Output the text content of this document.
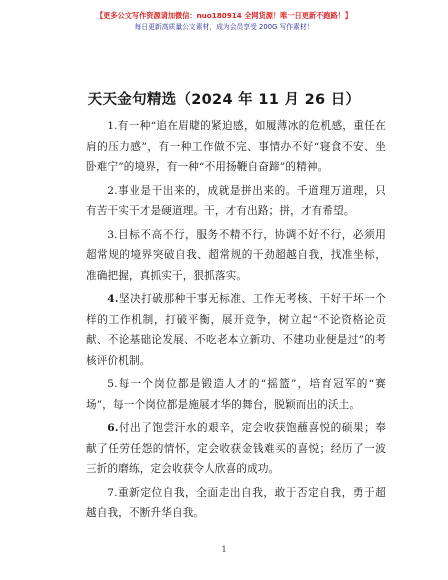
【更多公文写作资源请加微信：nuo180914 全网货源！唯一日更新不跑路！】
每日更新高质量公文素材，成为会员享受 200G 写作素材！
天天金句精选（2024 年 11 月 26 日）

1.有一种“追在眉睫的紧迫感，如履薄冰的危机感，重任在肩的压力感”，有一种工作做不完、事情办不好“寝食不安、坐卧难宁”的境界，有一种“不用扬鞭自奋蹄”的精神。

2.事业是干出来的，成就是拼出来的。千道理万道理，只有苦干实干才是硬道理。干，才有出路；拼，才有希望。

3.目标不高不行，服务不精不行，协调不好不行，必须用超常规的境界突破自我、超常规的干劲超越自我，找准坐标，准确把握，真抓实干，狠抓落实。

4.坚决打破那种干事无标准、工作无考核、干好干坏一个样的工作机制，打破平衡，展开竞争，树立起“不论资格论贡献、不论基础论发展、不吃老本立新功、不建功业便是过”的考核评价机制。

5.每一个岗位都是锻造人才的“摇篮”，培育冠军的“赛场”，每一个岗位都是施展才华的舞台，脱颖而出的沃土。

6.付出了饱尝汗水的艰辛，定会收获饱蘸喜悦的硕果；奉献了任劳任怨的情怀，定会收获金钱难买的喜悦；经历了一波三折的磨练，定会收获令人欣喜的成功。

7.重新定位自我，全面走出自我，敢于否定自我，勇于超越自我，不断升华自我。

1
